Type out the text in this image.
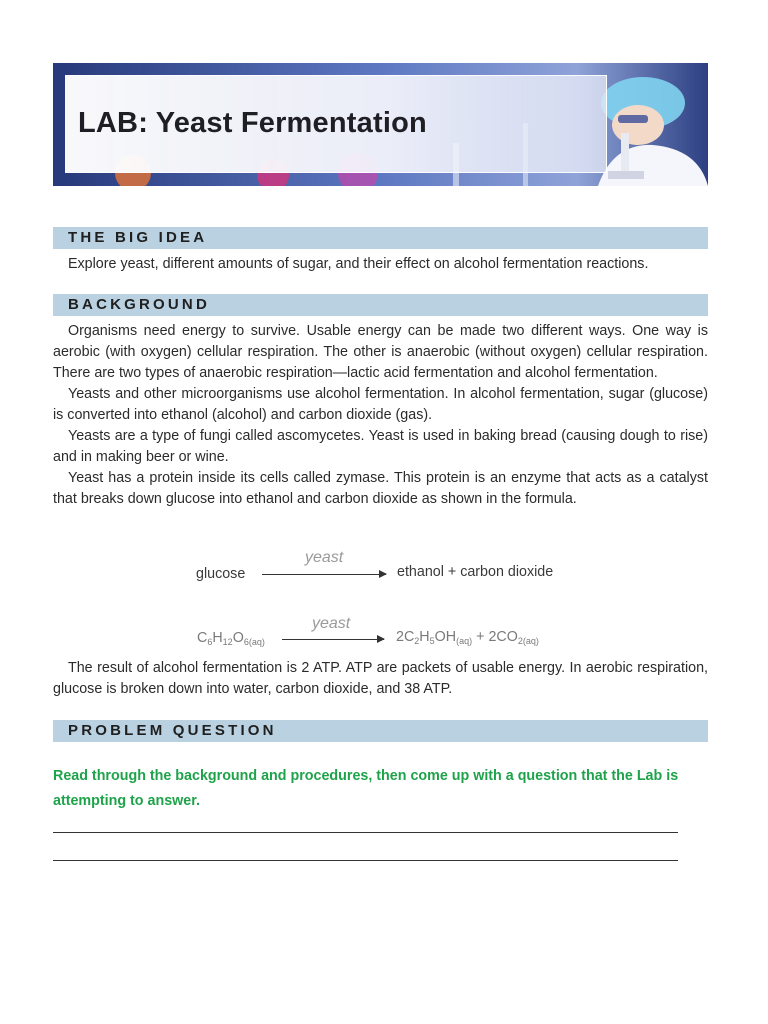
LAB: Yeast Fermentation
THE BIG IDEA

Explore yeast, different amounts of sugar, and their effect on alcohol fermentation reactions.

BACKGROUND

Organisms need energy to survive. Usable energy can be made two different ways. One way is aerobic (with oxygen) cellular respiration. The other is anaerobic (without oxygen) cellular respiration. There are two types of anaerobic respiration—lactic acid fermentation and alcohol fermentation.

Yeasts and other microorganisms use alcohol fermentation. In alcohol fermentation, sugar (glucose) is converted into ethanol (alcohol) and carbon dioxide (gas).

Yeasts are a type of fungi called ascomycetes. Yeast is used in baking bread (causing dough to rise) and in making beer or wine.

Yeast has a protein inside its cells called zymase. This protein is an enzyme that acts as a catalyst that breaks down glucose into ethanol and carbon dioxide as shown in the formula.

glucose
yeast
ethanol + carbon dioxide
$C_6H_{12}O_{6(aq)}$
yeast
$2C_2H_5OH_{(aq)} + 2CO_{2(aq)}$

The result of alcohol fermentation is 2 ATP. ATP are packets of usable energy. In aerobic respiration, glucose is broken down into water, carbon dioxide, and 38 ATP.

PROBLEM QUESTION

Read through the background and procedures, then come up with a question that the Lab is attempting to answer.
